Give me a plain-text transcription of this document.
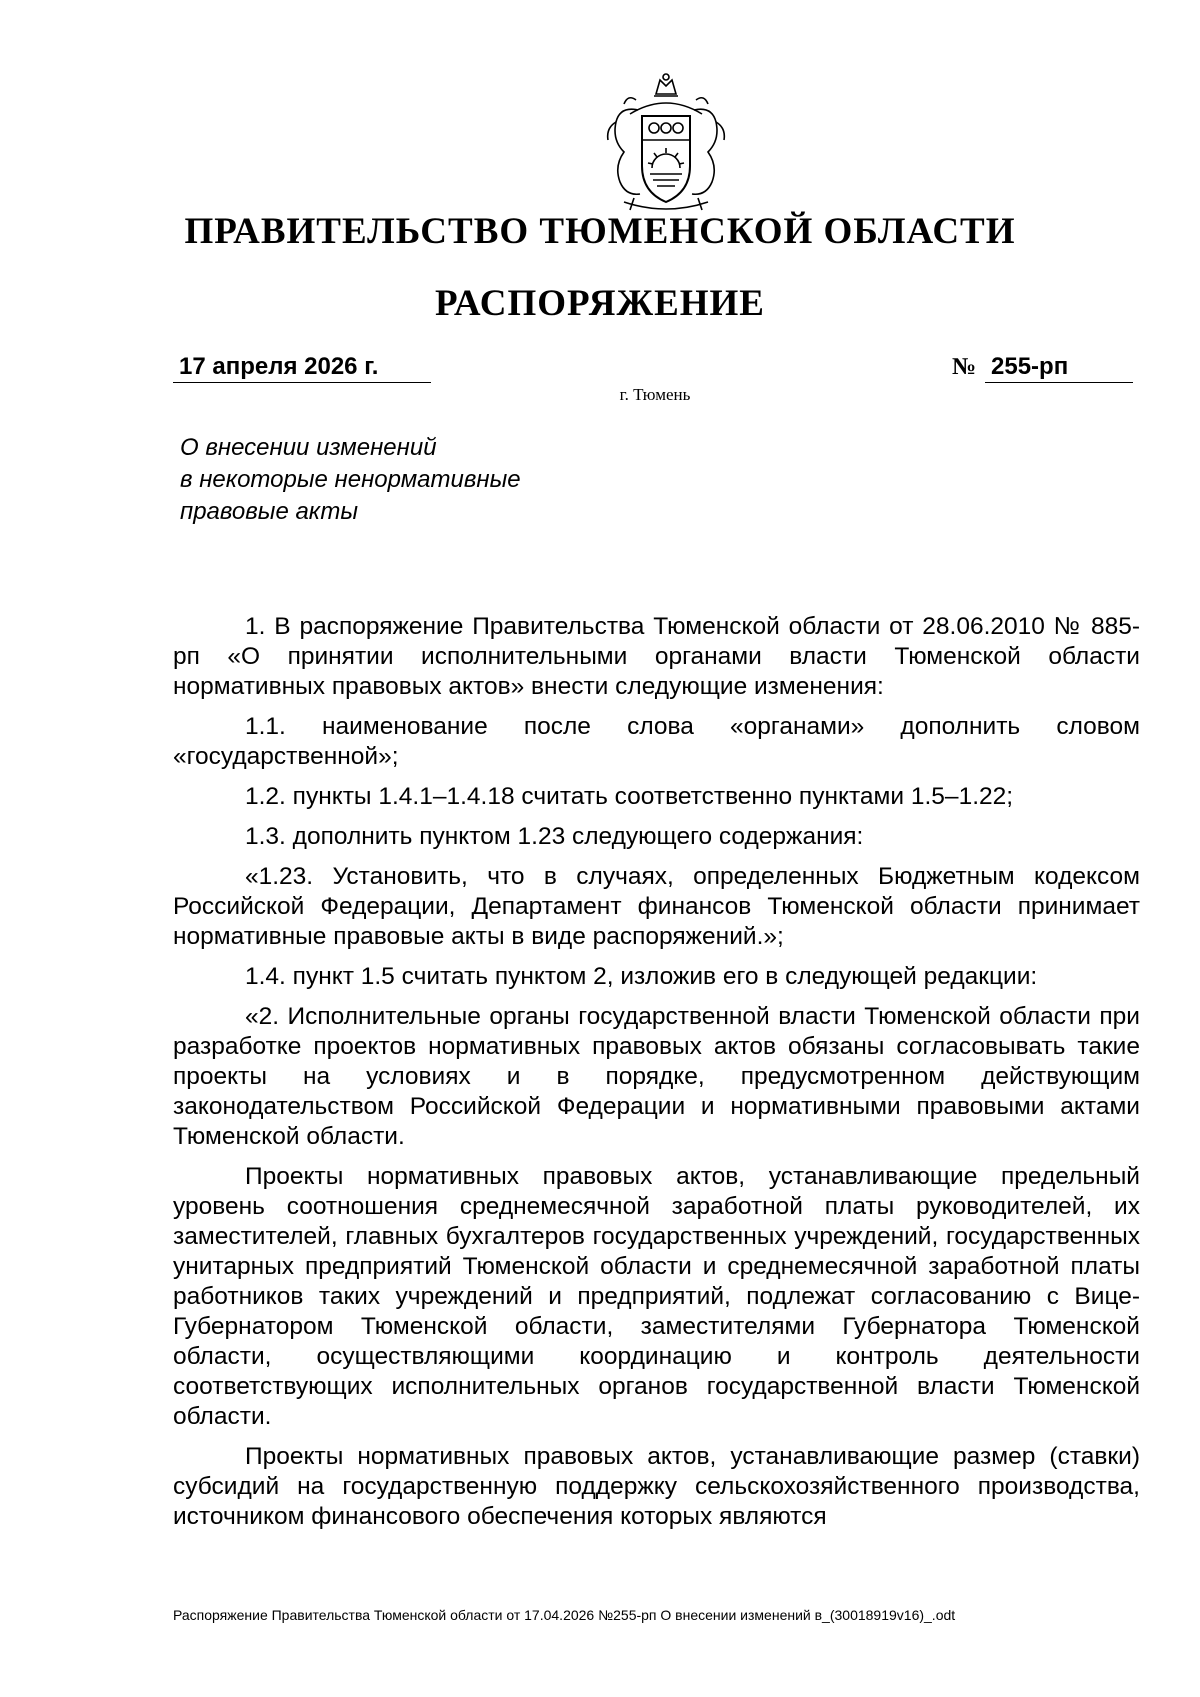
ПРАВИТЕЛЬСТВО ТЮМЕНСКОЙ ОБЛАСТИ
РАСПОРЯЖЕНИЕ
17 апреля 2026 г.	№ 255-рп
г. Тюмень
О внесении изменений
в некоторые ненормативные
правовые акты

1. В распоряжение Правительства Тюменской области от 28.06.2010 № 885-рп «О принятии исполнительными органами власти Тюменской области нормативных правовых актов» внести следующие изменения:

1.1. наименование после слова «органами» дополнить словом «государственной»;

1.2. пункты 1.4.1–1.4.18 считать соответственно пунктами 1.5–1.22;

1.3. дополнить пунктом 1.23 следующего содержания:

«1.23. Установить, что в случаях, определенных Бюджетным кодексом Российской Федерации, Департамент финансов Тюменской области принимает нормативные правовые акты в виде распоряжений.»;

1.4. пункт 1.5 считать пунктом 2, изложив его в следующей редакции:

«2. Исполнительные органы государственной власти Тюменской области при разработке проектов нормативных правовых актов обязаны согласовывать такие проекты на условиях и в порядке, предусмотренном действующим законодательством Российской Федерации и нормативными правовыми актами Тюменской области.

Проекты нормативных правовых актов, устанавливающие предельный уровень соотношения среднемесячной заработной платы руководителей, их заместителей, главных бухгалтеров государственных учреждений, государственных унитарных предприятий Тюменской области и среднемесячной заработной платы работников таких учреждений и предприятий, подлежат согласованию с Вице-Губернатором Тюменской области, заместителями Губернатора Тюменской области, осуществляющими координацию и контроль деятельности соответствующих исполнительных органов государственной власти Тюменской области.

Проекты нормативных правовых актов, устанавливающие размер (ставки) субсидий на государственную поддержку сельскохозяйственного производства, источником финансового обеспечения которых являются

Распоряжение Правительства Тюменской области от 17.04.2026 №255-рп О внесении изменений в_(30018919v16)_.odt
